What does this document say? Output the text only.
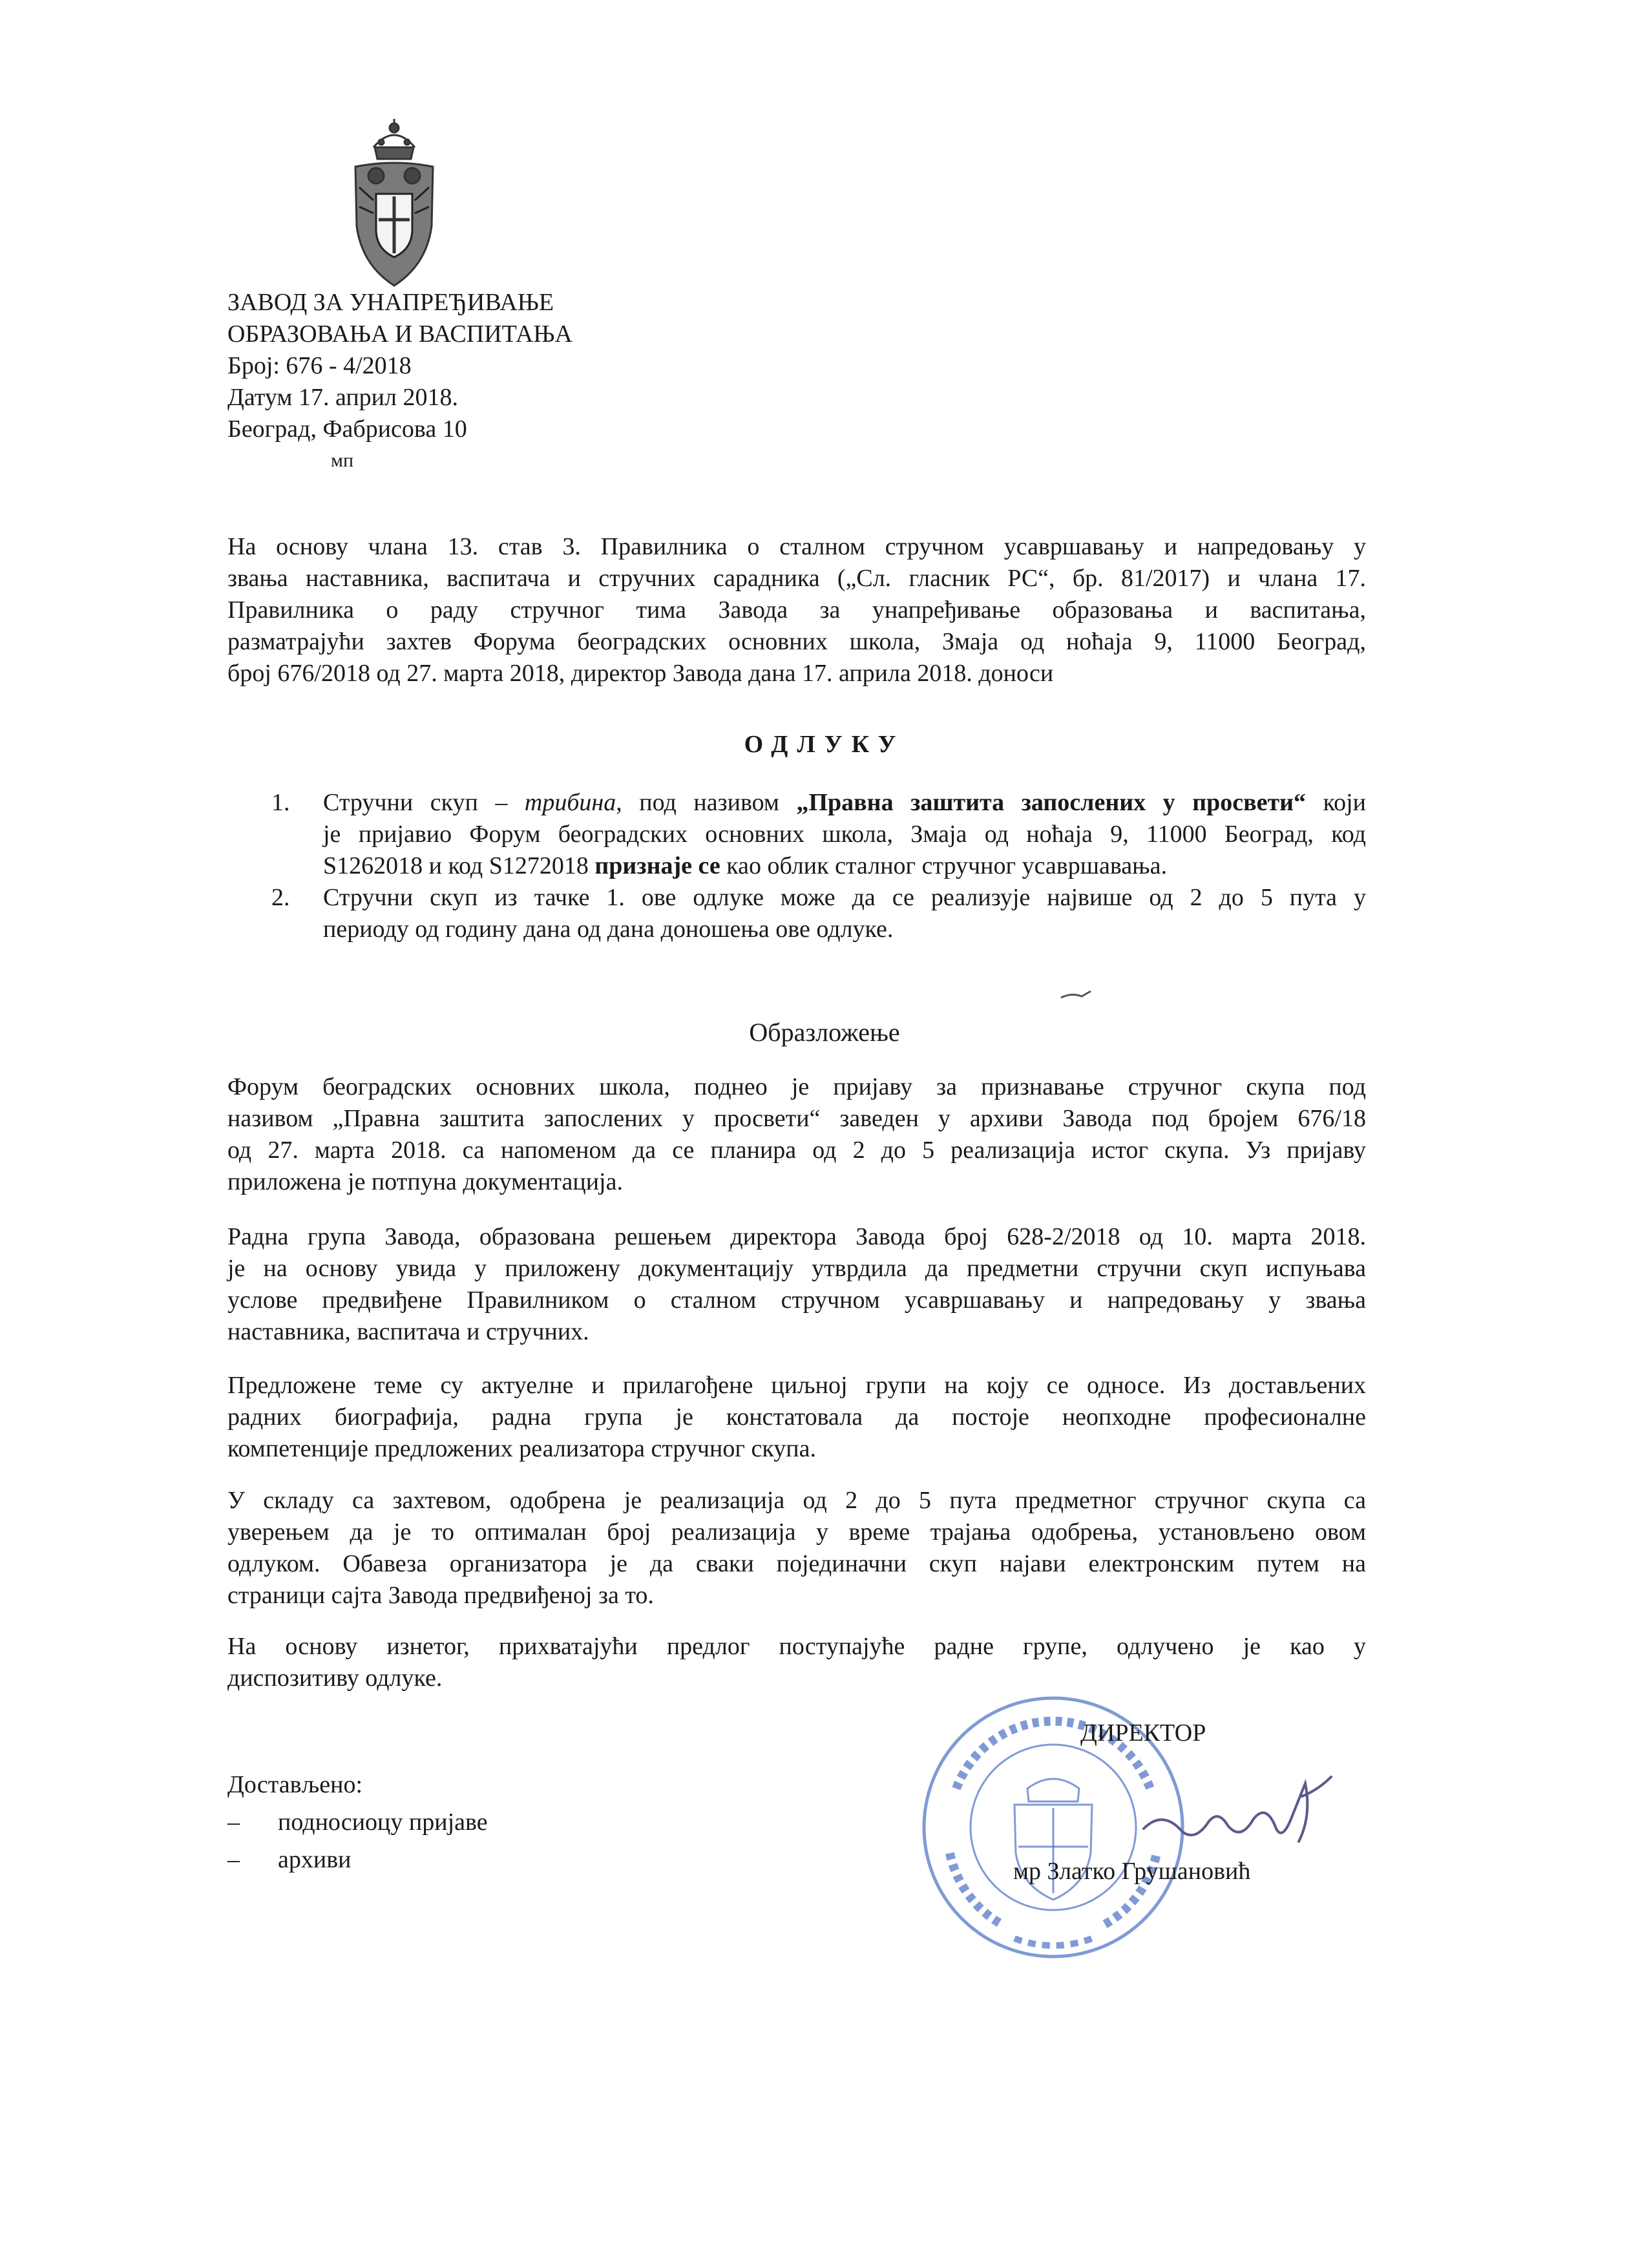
ЗАВОД ЗА УНАПРЕЂИВАЊЕ
ОБРАЗОВАЊА И ВАСПИТАЊА
Број: 676 - 4/2018
Датум 17. април 2018.
Београд, Фабрисова 10
мп
На основу члана 13. став 3. Правилника о сталном стручном усавршавању и напредовању у
звања наставника, васпитача и стручних сарадника („Сл. гласник РС“, бр. 81/2017) и члана 17.
Правилника о раду стручног тима Завода за унапређивање образовања и васпитања,
разматрајући захтев Форума београдских основних школа, Змаја од ноћаја 9, 11000 Београд,
број 676/2018 од 27. марта 2018, директор Завода дана 17. априла 2018. доноси
ОДЛУКУ
1. Стручни скуп – трибина, под називом „Правна заштита запослених у просвети“ који
је пријавио Форум београдских основних школа, Змаја од ноћаја 9, 11000 Београд, код
S1262018 и код S1272018 признаје се као облик сталног стручног усавршавања.
2. Стручни скуп из тачке 1. ове одлуке може да се реализује највише од 2 до 5 пута у
периоду од годину дана од дана доношења ове одлуке.
Образложење
Форум београдских основних школа, поднео је пријаву за признавање стручног скупа под
називом „Правна заштита запослених у просвети“ заведен у архиви Завода под бројем 676/18
од 27. марта 2018. са напоменом да се планира од 2 до 5 реализација истог скупа. Уз пријаву
приложена је потпуна документација.
Радна група Завода, образована решењем директора Завода број 628-2/2018 од 10. марта 2018.
је на основу увида у приложену документацију утврдила да предметни стручни скуп испуњава
услове предвиђене Правилником о сталном стручном усавршавању и напредовању у звања
наставника, васпитача и стручних.
Предложене теме су актуелне и прилагођене циљној групи на коју се односе. Из достављених
радних биографија, радна група је констатовала да постоје неопходне професионалне
компетенције предложених реализатора стручног скупа.
У складу са захтевом, одобрена је реализација од 2 до 5 пута предметног стручног скупа са
уверењем да је то оптималан број реализација у време трајања одобрења, установљено овом
одлуком. Обавеза организатора је да сваки појединачни скуп најави електронским путем на
страници сајта Завода предвиђеној за то.
На основу изнетог, прихватајући предлог поступајуће радне групе, одлучено је као у
диспозитиву одлуке.
Достављено:
– подносиоцу пријаве
– архиви
ДИРЕКТОР
мр Златко Грушановић
